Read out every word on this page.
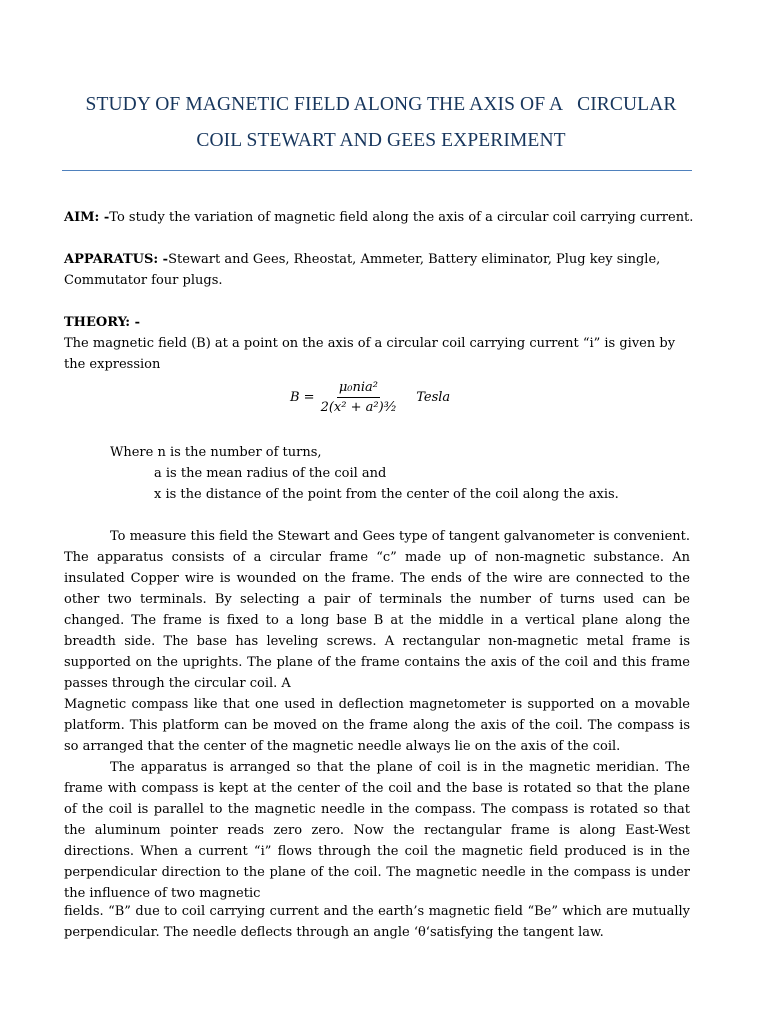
STUDY OF MAGNETIC FIELD ALONG THE AXIS OF A   CIRCULAR
COIL STEWART AND GEES EXPERIMENT

AIM: -To study the variation of magnetic field along the axis of a circular coil carrying current.

APPARATUS: -Stewart and Gees, Rheostat, Ammeter, Battery eliminator, Plug key single, Commutator four plugs.

THEORY: -

The magnetic field (B) at a point on the axis of a circular coil carrying current “i” is given by the expression

$B = \frac{\text{μ₀nia²}}{\text{2(x² + a²)³⁄₂}}$ Tesla
Where n is the number of turns,
a is the mean radius of the coil and
x is the distance of the point from the center of the coil along the axis.

To measure this field the Stewart and Gees type of tangent galvanometer is convenient. The apparatus consists of a circular frame “c” made up of non-magnetic substance. An insulated Copper wire is wounded on the frame. The ends of the wire are connected to the other two terminals. By selecting a pair of terminals the number of turns used can be changed. The frame is fixed to a long base B at the middle in a vertical plane along the breadth side. The base has leveling screws. A rectangular non-magnetic metal frame is supported on the uprights. The plane of the frame contains the axis of the coil and this frame passes through the circular coil. A

Magnetic compass like that one used in deflection magnetometer is supported on a movable platform. This platform can be moved on the frame along the axis of the coil. The compass is so arranged that the center of the magnetic needle always lie on the axis of the coil.

The apparatus is arranged so that the plane of coil is in the magnetic meridian. The frame with compass is kept at the center of the coil and the base is rotated so that the plane of the coil is parallel to the magnetic needle in the compass. The compass is rotated so that the aluminum pointer reads zero zero. Now the rectangular frame is along East-West directions. When a current “i” flows through the coil the magnetic field produced is in the perpendicular direction to the plane of the coil. The magnetic needle in the compass is under the influence of two magnetic

fields. “B” due to coil carrying current and the earth’s magnetic field “Be” which are mutually perpendicular. The needle deflects through an angle ‘θ‘satisfying the tangent law.
